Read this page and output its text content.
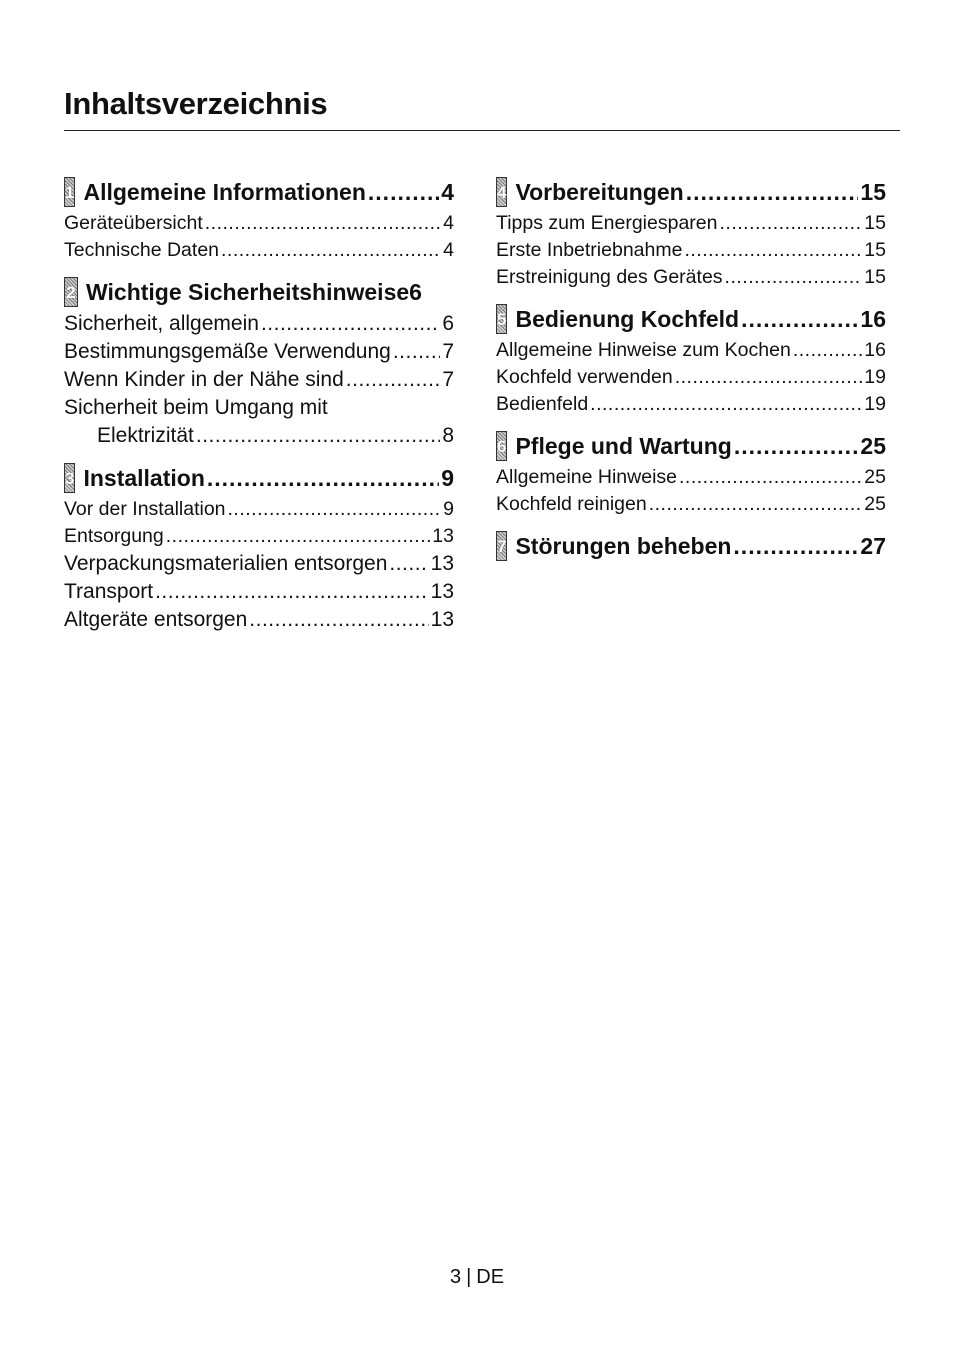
Inhaltsverzeichnis
1 Allgemeine Informationen .....	4
Geräteübersicht .....	4
Technische Daten .....	4
2 Wichtige Sicherheitshinweise 6
Sicherheit, allgemein .....	6
Bestimmungsgemäße Verwendung ..... 7
Wenn Kinder in der Nähe sind .....	7
Sicherheit beim Umgang mit
Elektrizität .....	8
3 Installation .....	9
Vor der Installation .....	9
Entsorgung .....	13
Verpackungsmaterialien entsorgen ..... 13
Transport .....	13
Altgeräte entsorgen .....	13
4 Vorbereitungen .....	15
Tipps zum Energiesparen .....	15
Erste Inbetriebnahme .....	15
Erstreinigung des Gerätes .....	15
5 Bedienung Kochfeld .....	16
Allgemeine Hinweise zum Kochen .....	16
Kochfeld verwenden .....	19
Bedienfeld .....	19
6 Pflege und Wartung .....	25
Allgemeine Hinweise .....	25
Kochfeld reinigen .....	25
7 Störungen beheben .....	27
3 | DE
